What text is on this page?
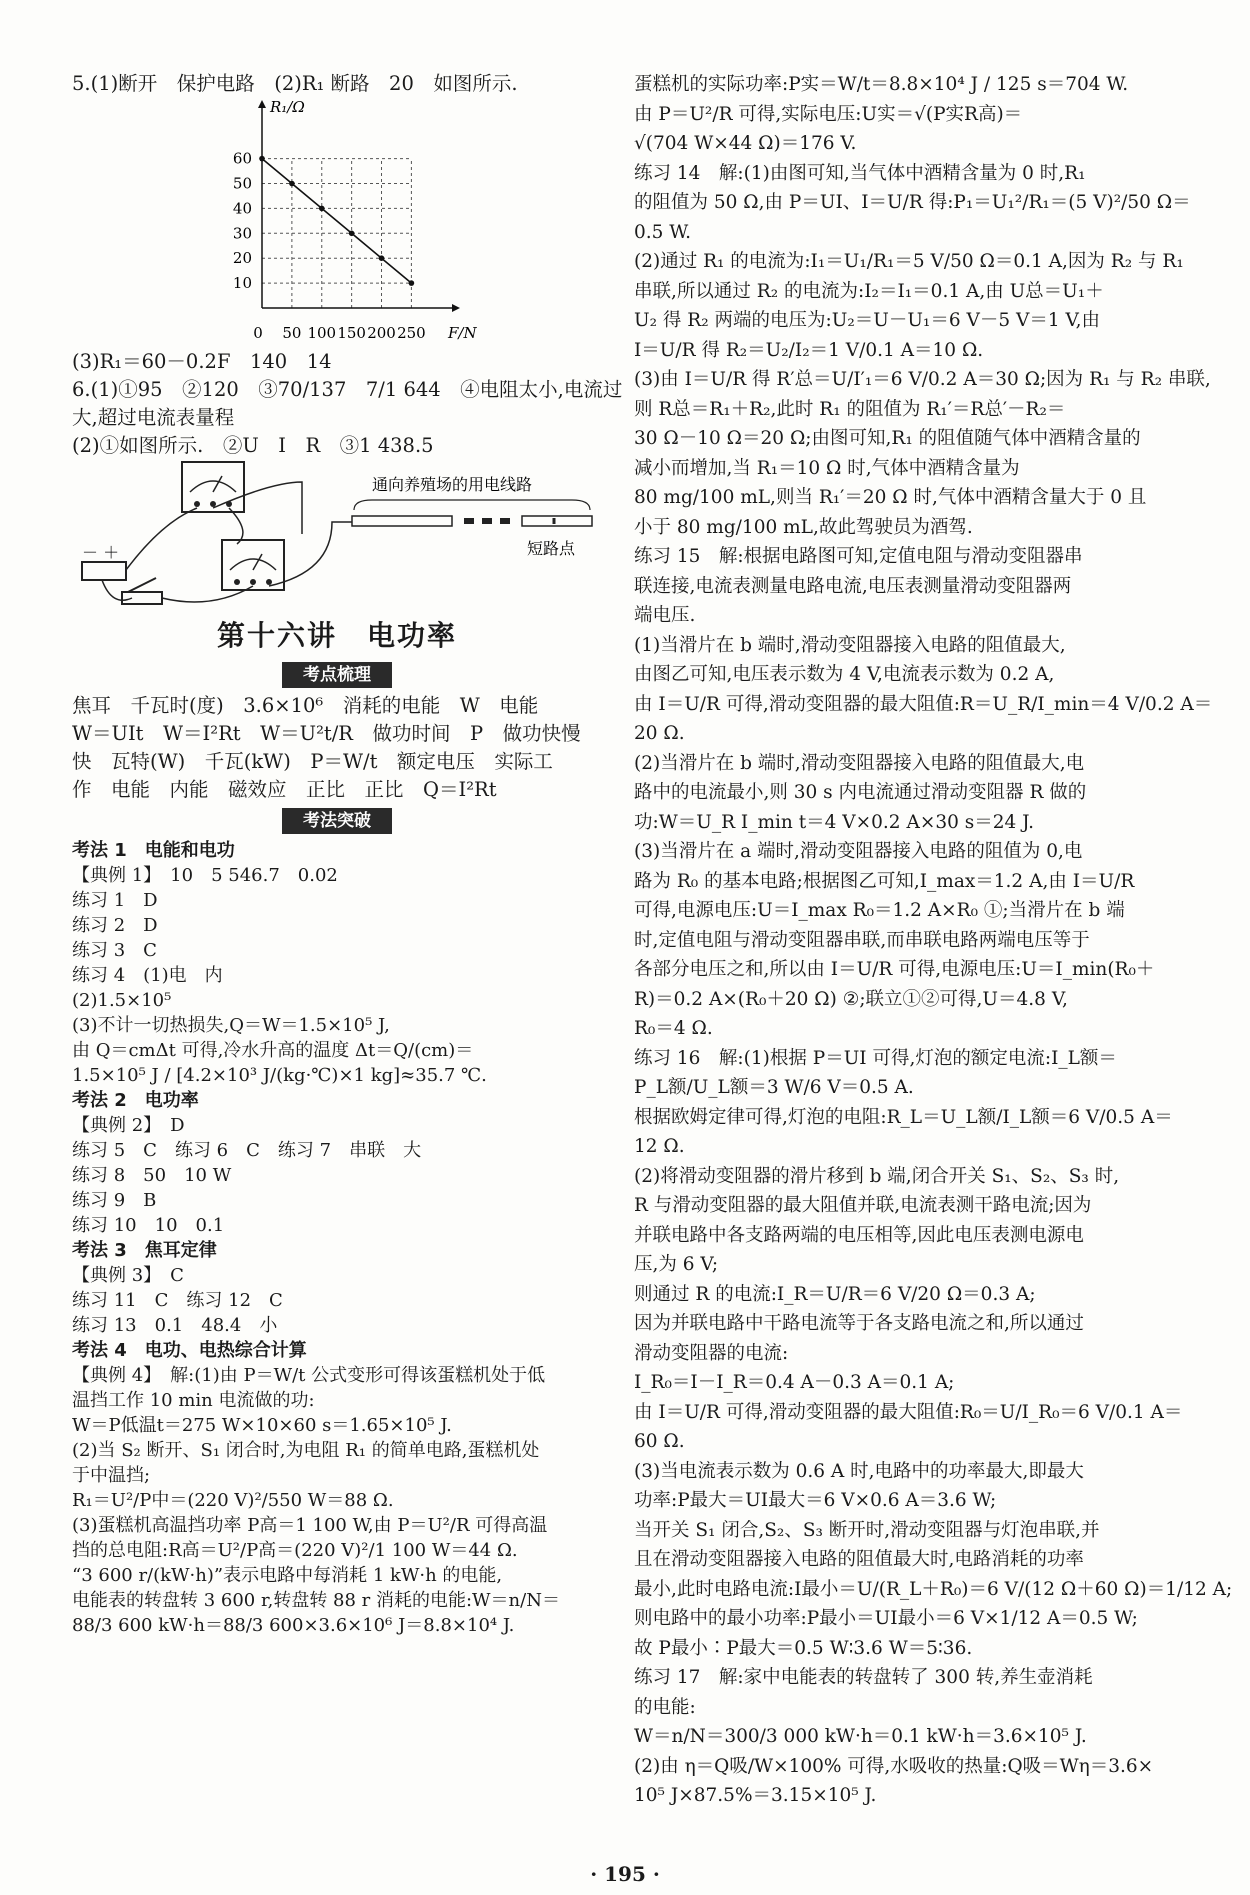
5.(1)断开　保护电路　(2)R₁ 断路　20　如图所示.
0 50 100 150 200 250
10
20
30
40
50
60
F/N
R₁/Ω
(3)R₁＝60－0.2F　140　14
6.(1)①95　②120　③70/137　7/1 644　④电阻太小,电流过
大,超过电流表量程
(2)①如图所示.　②U　I　R　③1 438.5
－ ＋
通向养殖场的用电线路
短路点
第十六讲　电功率
考点梳理
焦耳　千瓦时(度)　3.6×10⁶　消耗的电能　W　电能
W＝UIt　W＝I²Rt　W＝U²t/R　做功时间　P　做功快慢
快　瓦特(W)　千瓦(kW)　P＝W/t　额定电压　实际工
作　电能　内能　磁效应　正比　正比　Q＝I²Rt
考法突破
考法 1　电能和电功
【典例 1】　10　5 546.7　0.02
练习 1　D
练习 2　D
练习 3　C
练习 4　(1)电　内
(2)1.5×10⁵
(3)不计一切热损失,Q＝W＝1.5×10⁵ J,
由 Q＝cmΔt 可得,冷水升高的温度 Δt＝Q/(cm)＝
1.5×10⁵ J / [4.2×10³ J/(kg·℃)×1 kg]≈35.7 ℃.
考法 2　电功率
【典例 2】　D
练习 5　C　练习 6　C　练习 7　串联　大
练习 8　50　10 W
练习 9　B
练习 10　10　0.1
考法 3　焦耳定律
【典例 3】　C
练习 11　C　练习 12　C
练习 13　0.1　48.4　小
考法 4　电功、电热综合计算
【典例 4】　解:(1)由 P＝W/t 公式变形可得该蛋糕机处于低
温挡工作 10 min 电流做的功:
W＝P低温t＝275 W×10×60 s＝1.65×10⁵ J.
(2)当 S₂ 断开、S₁ 闭合时,为电阻 R₁ 的简单电路,蛋糕机处
于中温挡;
R₁＝U²/P中＝(220 V)²/550 W＝88 Ω.
(3)蛋糕机高温挡功率 P高＝1 100 W,由 P＝U²/R 可得高温
挡的总电阻:R高＝U²/P高＝(220 V)²/1 100 W＝44 Ω.
“3 600 r/(kW·h)”表示电路中每消耗 1 kW·h 的电能,
电能表的转盘转 3 600 r,转盘转 88 r 消耗的电能:W＝n/N＝
88/3 600 kW·h＝88/3 600×3.6×10⁶ J＝8.8×10⁴ J.
蛋糕机的实际功率:P实＝W/t＝8.8×10⁴ J / 125 s＝704 W.
由 P＝U²/R 可得,实际电压:U实＝√(P实R高)＝
√(704 W×44 Ω)＝176 V.
练习 14　解:(1)由图可知,当气体中酒精含量为 0 时,R₁
的阻值为 50 Ω,由 P＝UI、I＝U/R 得:P₁＝U₁²/R₁＝(5 V)²/50 Ω＝
0.5 W.
(2)通过 R₁ 的电流为:I₁＝U₁/R₁＝5 V/50 Ω＝0.1 A,因为 R₂ 与 R₁
串联,所以通过 R₂ 的电流为:I₂＝I₁＝0.1 A,由 U总＝U₁＋
U₂ 得 R₂ 两端的电压为:U₂＝U－U₁＝6 V－5 V＝1 V,由
I＝U/R 得 R₂＝U₂/I₂＝1 V/0.1 A＝10 Ω.
(3)由 I＝U/R 得 R′总＝U/I′₁＝6 V/0.2 A＝30 Ω;因为 R₁ 与 R₂ 串联,
则 R总＝R₁＋R₂,此时 R₁ 的阻值为 R₁′＝R总′－R₂＝
30 Ω－10 Ω＝20 Ω;由图可知,R₁ 的阻值随气体中酒精含量的
减小而增加,当 R₁＝10 Ω 时,气体中酒精含量为
80 mg/100 mL,则当 R₁′＝20 Ω 时,气体中酒精含量大于 0 且
小于 80 mg/100 mL,故此驾驶员为酒驾.
练习 15　解:根据电路图可知,定值电阻与滑动变阻器串
联连接,电流表测量电路电流,电压表测量滑动变阻器两
端电压.
(1)当滑片在 b 端时,滑动变阻器接入电路的阻值最大,
由图乙可知,电压表示数为 4 V,电流表示数为 0.2 A,
由 I＝U/R 可得,滑动变阻器的最大阻值:R＝U_R/I_min＝4 V/0.2 A＝
20 Ω.
(2)当滑片在 b 端时,滑动变阻器接入电路的阻值最大,电
路中的电流最小,则 30 s 内电流通过滑动变阻器 R 做的
功:W＝U_R I_min t＝4 V×0.2 A×30 s＝24 J.
(3)当滑片在 a 端时,滑动变阻器接入电路的阻值为 0,电
路为 R₀ 的基本电路;根据图乙可知,I_max＝1.2 A,由 I＝U/R
可得,电源电压:U＝I_max R₀＝1.2 A×R₀ ①;当滑片在 b 端
时,定值电阻与滑动变阻器串联,而串联电路两端电压等于
各部分电压之和,所以由 I＝U/R 可得,电源电压:U＝I_min(R₀＋
R)＝0.2 A×(R₀＋20 Ω) ②;联立①②可得,U＝4.8 V,
R₀＝4 Ω.
练习 16　解:(1)根据 P＝UI 可得,灯泡的额定电流:I_L额＝
P_L额/U_L额＝3 W/6 V＝0.5 A.
根据欧姆定律可得,灯泡的电阻:R_L＝U_L额/I_L额＝6 V/0.5 A＝
12 Ω.
(2)将滑动变阻器的滑片移到 b 端,闭合开关 S₁、S₂、S₃ 时,
R 与滑动变阻器的最大阻值并联,电流表测干路电流;因为
并联电路中各支路两端的电压相等,因此电压表测电源电
压,为 6 V;
则通过 R 的电流:I_R＝U/R＝6 V/20 Ω＝0.3 A;
因为并联电路中干路电流等于各支路电流之和,所以通过
滑动变阻器的电流:
I_R₀＝I－I_R＝0.4 A－0.3 A＝0.1 A;
由 I＝U/R 可得,滑动变阻器的最大阻值:R₀＝U/I_R₀＝6 V/0.1 A＝
60 Ω.
(3)当电流表示数为 0.6 A 时,电路中的功率最大,即最大
功率:P最大＝UI最大＝6 V×0.6 A＝3.6 W;
当开关 S₁ 闭合,S₂、S₃ 断开时,滑动变阻器与灯泡串联,并
且在滑动变阻器接入电路的阻值最大时,电路消耗的功率
最小,此时电路电流:I最小＝U/(R_L＋R₀)＝6 V/(12 Ω＋60 Ω)＝1/12 A;
则电路中的最小功率:P最小＝UI最小＝6 V×1/12 A＝0.5 W;
故 P最小∶P最大＝0.5 W∶3.6 W＝5∶36.
练习 17　解:家中电能表的转盘转了 300 转,养生壶消耗
的电能:
W＝n/N＝300/3 000 kW·h＝0.1 kW·h＝3.6×10⁵ J.
(2)由 η＝Q吸/W×100% 可得,水吸收的热量:Q吸＝Wη＝3.6×
10⁵ J×87.5%＝3.15×10⁵ J.
· 195 ·
